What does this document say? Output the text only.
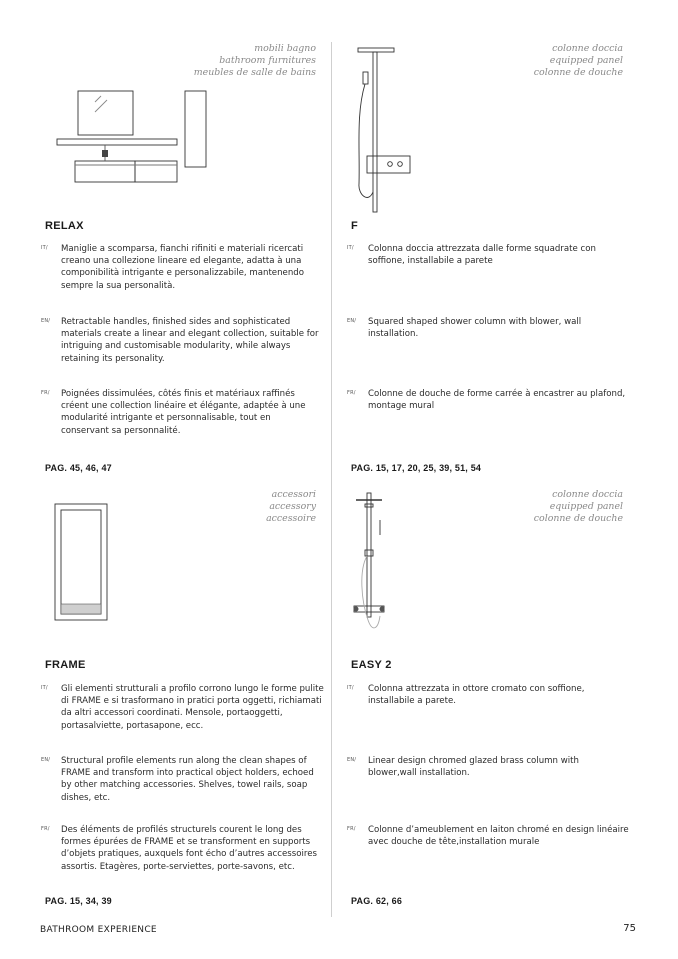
mobili bagno
bathroom furnitures
meubles de salle de bains
RELAX
IT/ Maniglie a scomparsa, fianchi rifiniti e materiali ricercati creano una collezione lineare ed elegante, adatta à una componibilità intrigante e personalizzabile, mantenendo sempre la sua personalità.
EN/ Retractable handles, finished sides and sophisticated materials create a linear and elegant collection, suitable for intriguing and customisable modularity, while always retaining its personality.
FR/ Poignées dissimulées, côtés finis et matériaux raffinés créent une collection linéaire et élégante, adaptée à une modularité intrigante et personnalisable, tout en conservant sa personnalité.
PAG. 45, 46, 47
colonne doccia
equipped panel
colonne de douche
F
IT/ Colonna doccia attrezzata dalle forme squadrate con soffione, installabile a parete
EN/ Squared shaped shower column with blower, wall installation.
FR/ Colonne de douche de forme carrée à encastrer au plafond, montage mural
PAG. 15, 17, 20, 25, 39, 51, 54
accessori
accessory
accessoire
FRAME
IT/ Gli elementi strutturali a profilo corrono lungo le forme pulite di FRAME e si trasformano in pratici porta oggetti, richiamati da altri accessori coordinati. Mensole, portaoggetti, portasalviette, portasapone, ecc.
EN/ Structural profile elements run along the clean shapes of FRAME and transform into practical object holders, echoed by other matching accessories. Shelves, towel rails, soap dishes, etc.
FR/ Des éléments de profilés structurels courent le long des formes épurées de FRAME et se transforment en supports d’objets pratiques, auxquels font écho d’autres accessoires assortis. Etagères, porte-serviettes, porte-savons, etc.
PAG. 15, 34, 39
colonne doccia
equipped panel
colonne de douche
EASY 2
IT/ Colonna attrezzata in ottore cromato con soffione, installabile a parete.
EN/ Linear design chromed glazed brass column with blower,wall installation.
FR/ Colonne d’ameublement en laiton chromé en design linéaire avec douche de tête,installation murale
PAG. 62, 66
BATHROOM EXPERIENCE	75
